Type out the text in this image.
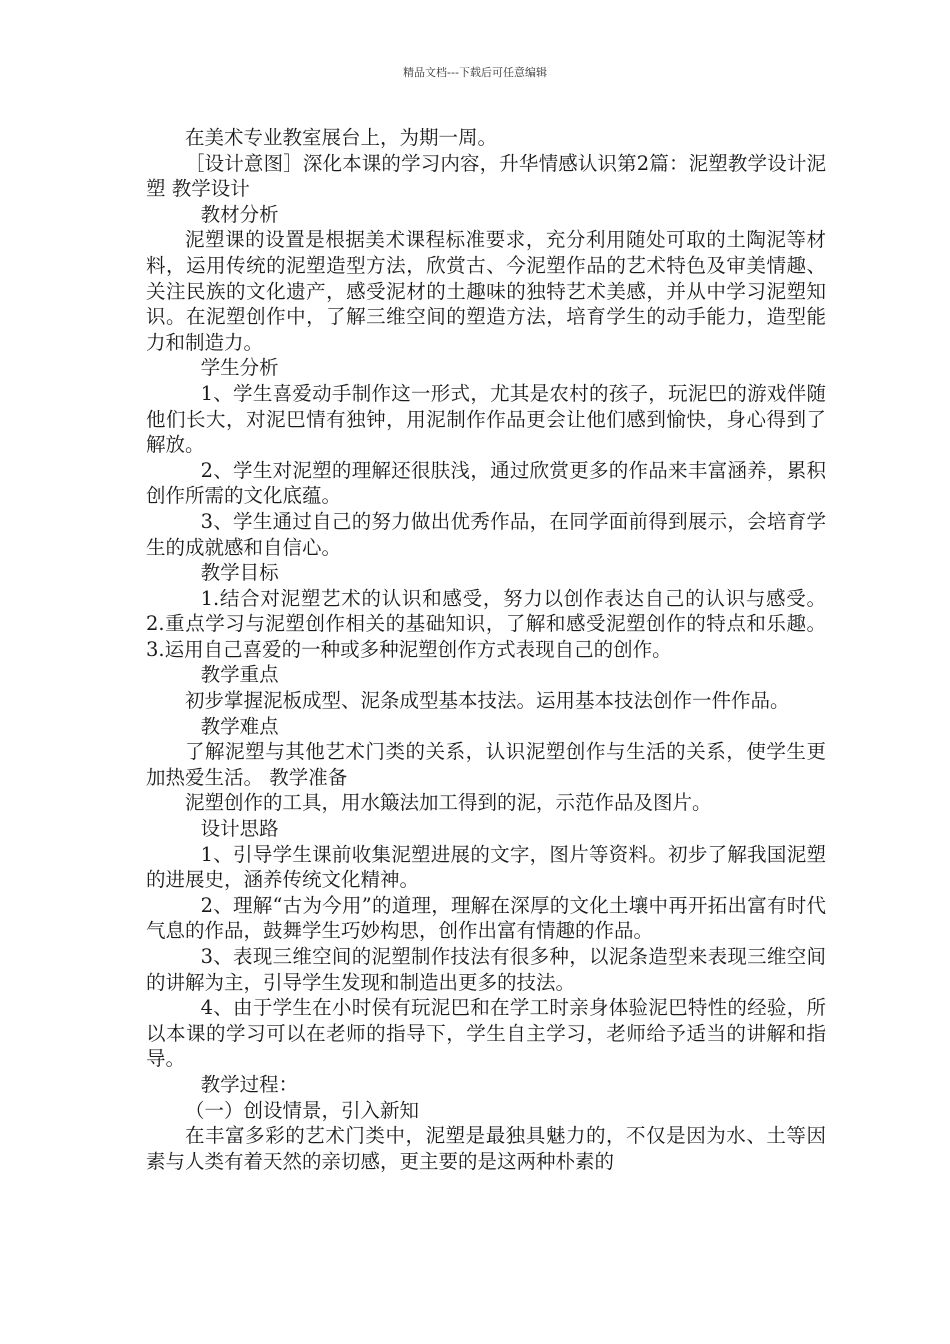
精品文档---下载后可任意编辑

在美术专业教室展台上，为期一周。

［设计意图］深化本课的学习内容，升华情感认识第2篇：泥塑教学设计泥塑 教学设计

教材分析

泥塑课的设置是根据美术课程标准要求，充分利用随处可取的土陶泥等材料，运用传统的泥塑造型方法，欣赏古、今泥塑作品的艺术特色及审美情趣、关注民族的文化遗产，感受泥材的土趣味的独特艺术美感，并从中学习泥塑知识。在泥塑创作中，了解三维空间的塑造方法，培育学生的动手能力，造型能力和制造力。

学生分析

1、学生喜爱动手制作这一形式，尤其是农村的孩子，玩泥巴的游戏伴随他们长大，对泥巴情有独钟，用泥制作作品更会让他们感到愉快，身心得到了解放。

2、学生对泥塑的理解还很肤浅，通过欣赏更多的作品来丰富涵养，累积创作所需的文化底蕴。

3、学生通过自己的努力做出优秀作品，在同学面前得到展示，会培育学生的成就感和自信心。

教学目标

1.结合对泥塑艺术的认识和感受，努力以创作表达自己的认识与感受。 2.重点学习与泥塑创作相关的基础知识，了解和感受泥塑创作的特点和乐趣。 3.运用自己喜爱的一种或多种泥塑创作方式表现自己的创作。

教学重点

初步掌握泥板成型、泥条成型基本技法。运用基本技法创作一件作品。

教学难点

了解泥塑与其他艺术门类的关系，认识泥塑创作与生活的关系，使学生更加热爱生活。 教学准备

泥塑创作的工具，用水簸法加工得到的泥，示范作品及图片。

设计思路

1、引导学生课前收集泥塑进展的文字，图片等资料。初步了解我国泥塑的进展史，涵养传统文化精神。

2、理解“古为今用”的道理，理解在深厚的文化土壤中再开拓出富有时代气息的作品，鼓舞学生巧妙构思，创作出富有情趣的作品。

3、表现三维空间的泥塑制作技法有很多种，以泥条造型来表现三维空间的讲解为主，引导学生发现和制造出更多的技法。

4、由于学生在小时侯有玩泥巴和在学工时亲身体验泥巴特性的经验，所以本课的学习可以在老师的指导下，学生自主学习，老师给予适当的讲解和指导。

教学过程：

（一）创设情景，引入新知

在丰富多彩的艺术门类中，泥塑是最独具魅力的，不仅是因为水、土等因素与人类有着天然的亲切感，更主要的是这两种朴素的
